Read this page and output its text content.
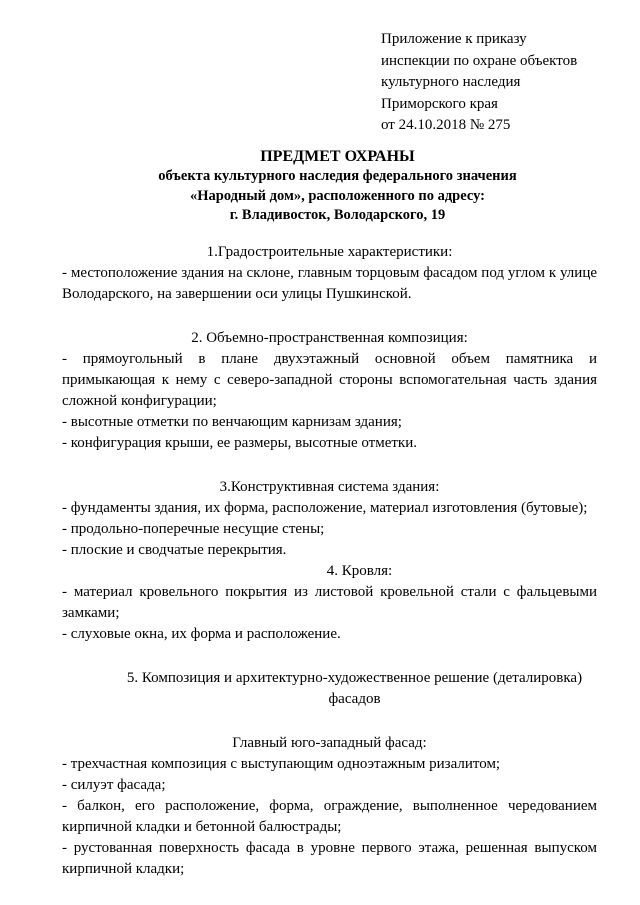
Приложение к приказу
инспекции по охране объектов
культурного наследия
Приморского края
от 24.10.2018 № 275
ПРЕДМЕТ ОХРАНЫ
объекта культурного наследия федерального значения
«Народный дом», расположенного по адресу:
г. Владивосток, Володарского, 19
1.Градостроительные характеристики:
- местоположение здания на склоне, главным торцовым фасадом под углом к улице Володарского, на завершении оси улицы Пушкинской.
2. Объемно-пространственная композиция:
- прямоугольный в плане двухэтажный основной объем памятника и примыкающая к нему с северо-западной стороны вспомогательная часть здания сложной конфигурации;
- высотные отметки по венчающим карнизам здания;
- конфигурация крыши, ее размеры, высотные отметки.
3.Конструктивная система здания:
- фундаменты здания, их форма, расположение, материал изготовления (бутовые);
- продольно-поперечные несущие стены;
- плоские и сводчатые перекрытия.
4. Кровля:
- материал кровельного покрытия из листовой кровельной стали с фальцевыми замками;
- слуховые окна, их форма и расположение.
5. Композиция и архитектурно-художественное решение (деталировка) фасадов
Главный юго-западный фасад:
- трехчастная композиция с выступающим одноэтажным ризалитом;
- силуэт фасада;
- балкон, его расположение, форма, ограждение, выполненное чередованием кирпичной кладки и бетонной балюстрады;
- рустованная поверхность фасада в уровне первого этажа, решенная выпуском кирпичной кладки;
